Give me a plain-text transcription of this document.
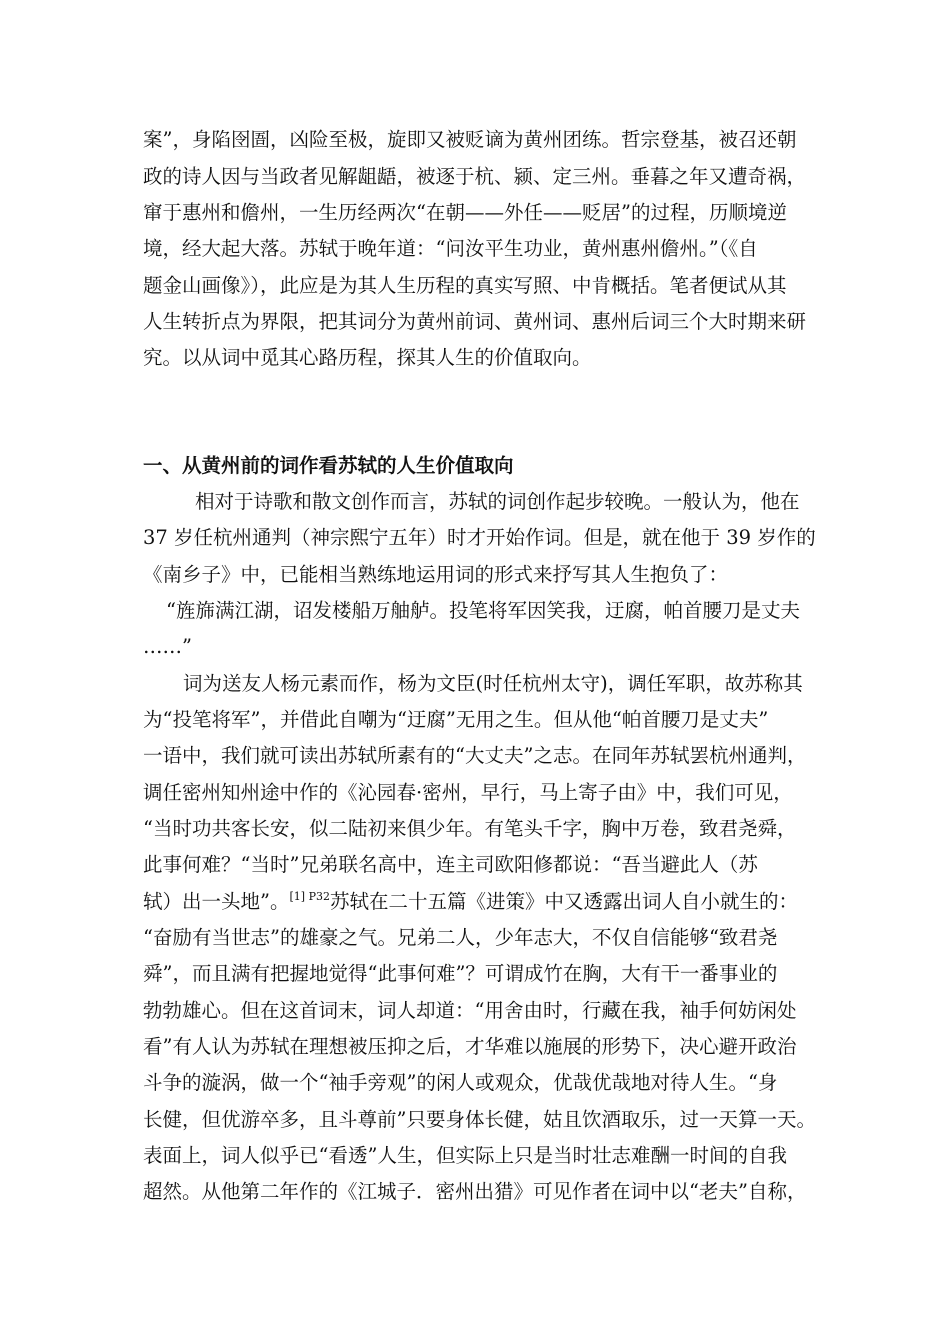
案”，身陷囹圄，凶险至极，旋即又被贬谪为黄州团练。哲宗登基，被召还朝

政的诗人因与当政者见解龃龉，被逐于杭、颍、定三州。垂暮之年又遭奇祸，

窜于惠州和儋州，一生历经两次“在朝——外任——贬居”的过程，历顺境逆

境，经大起大落。苏轼于晚年道：“问汝平生功业，黄州惠州儋州。”（《自

题金山画像》），此应是为其人生历程的真实写照、中肯概括。笔者便试从其

人生转折点为界限，把其词分为黄州前词、黄州词、惠州后词三个大时期来研

究。以从词中觅其心路历程，探其人生的价值取向。

一、从黄州前的词作看苏轼的人生价值取向

相对于诗歌和散文创作而言，苏轼的词创作起步较晚。一般认为，他在

37 岁任杭州通判（神宗熙宁五年）时才开始作词。但是，就在他于 39 岁作的

《南乡子》中，已能相当熟练地运用词的形式来抒写其人生抱负了：

“旌旆满江湖，诏发楼船万舳舻。投笔将军因笑我，迂腐，帕首腰刀是丈夫

……”

词为送友人杨元素而作，杨为文臣(时任杭州太守)，调任军职，故苏称其

为“投笔将军”，并借此自嘲为“迂腐”无用之生。但从他“帕首腰刀是丈夫”

一语中，我们就可读出苏轼所素有的“大丈夫”之志。在同年苏轼罢杭州通判，

调任密州知州途中作的《沁园春·密州，早行，马上寄子由》中，我们可见，

“当时功共客长安，似二陆初来俱少年。有笔头千字，胸中万卷，致君尧舜，

此事何难？“当时”兄弟联名高中，连主司欧阳修都说：“吾当避此人（苏

轼）出一头地”。$^{[1] P32}$苏轼在二十五篇《进策》中又透露出词人自小就生的：

“奋励有当世志”的雄豪之气。兄弟二人，少年志大，不仅自信能够“致君尧

舜”，而且满有把握地觉得“此事何难”？可谓成竹在胸，大有干一番事业的

勃勃雄心。但在这首词末，词人却道：“用舍由时，行藏在我，袖手何妨闲处

看”有人认为苏轼在理想被压抑之后，才华难以施展的形势下，决心避开政治

斗争的漩涡，做一个“袖手旁观”的闲人或观众，优哉优哉地对待人生。“身

长健，但优游卒多，且斗尊前”只要身体长健，姑且饮酒取乐，过一天算一天。

表面上，词人似乎已“看透”人生，但实际上只是当时壮志难酬一时间的自我

超然。从他第二年作的《江城子．密州出猎》可见作者在词中以“老夫”自称，
